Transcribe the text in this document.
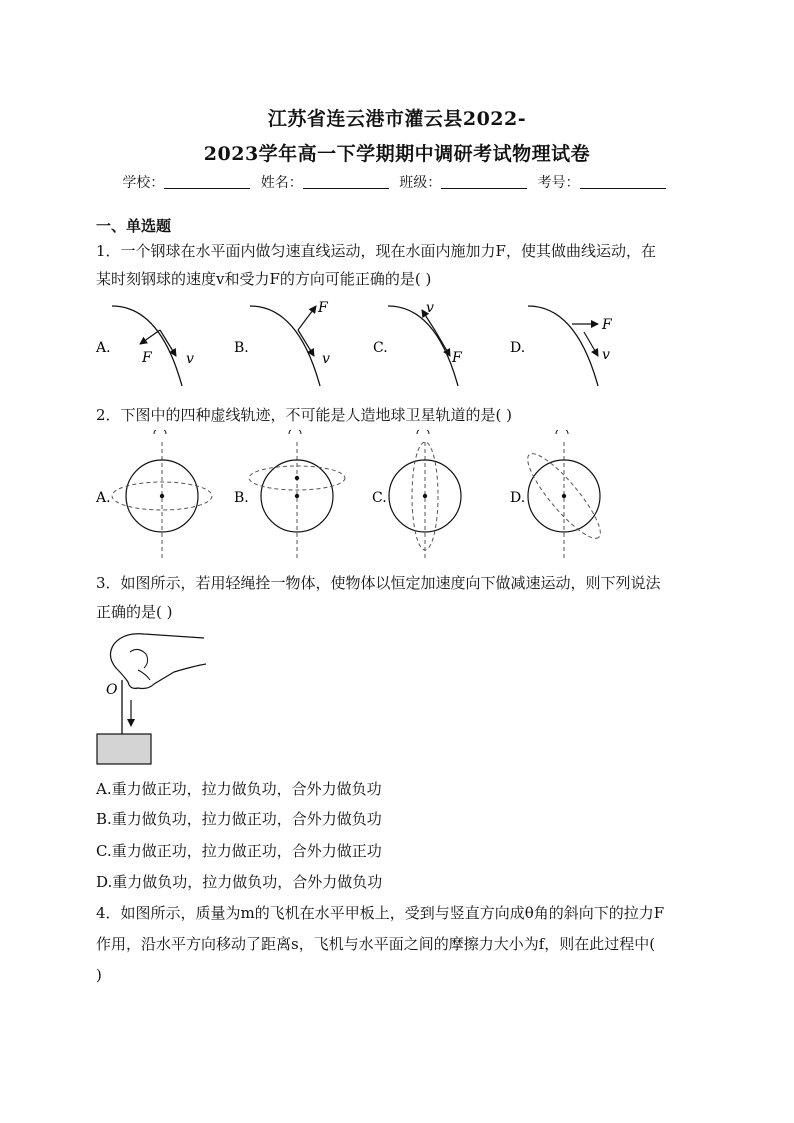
江苏省连云港市灌云县2022-
2023学年高一下学期期中调研考试物理试卷
学校：	姓名：	班级：	考号：
一、单选题
1．一个钢球在水平面内做匀速直线运动，现在水面内施加力F，使其做曲线运动，在
某时刻钢球的速度v和受力F的方向可能正确的是( )
A.
F v
B.
F
v
C.
v
F
D.
F
v
2．下图中的四种虚线轨迹，不可能是人造地球卫星轨道的是( )
A.	B.	C.	D.
3．如图所示，若用轻绳拴一物体，使物体以恒定加速度向下做减速运动，则下列说法
正确的是( )
O
A.重力做正功，拉力做负功，合外力做负功
B.重力做负功，拉力做正功，合外力做负功
C.重力做正功，拉力做正功，合外力做正功
D.重力做负功，拉力做负功，合外力做负功
4．如图所示，质量为m的飞机在水平甲板上，受到与竖直方向成θ角的斜向下的拉力F
作用，沿水平方向移动了距离s，飞机与水平面之间的摩擦力大小为f，则在此过程中(
)
